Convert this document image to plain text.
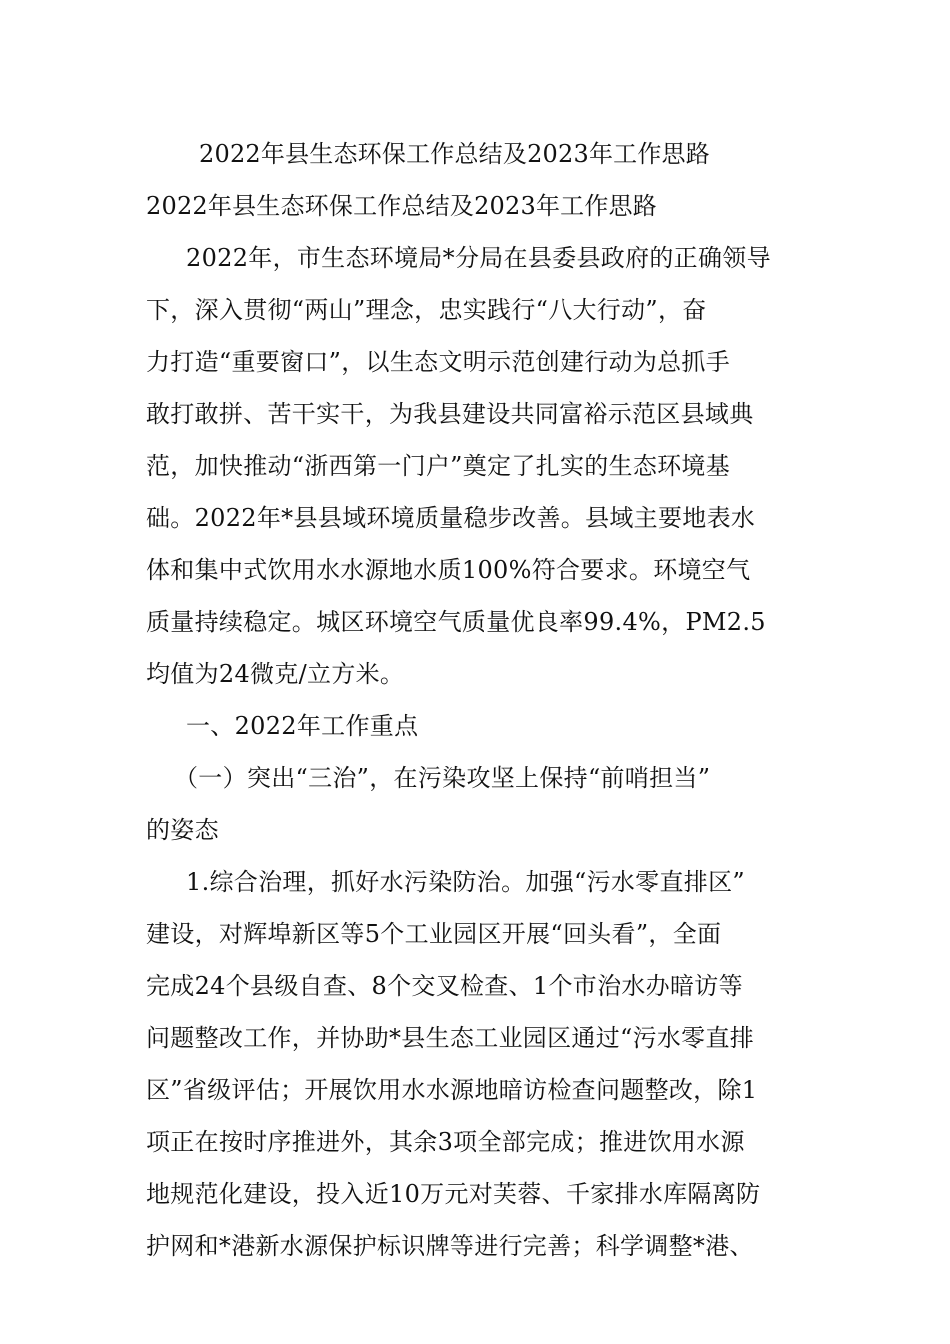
2022年县生态环保工作总结及2023年工作思路
2022年县生态环保工作总结及2023年工作思路
2022年，市生态环境局*分局在县委县政府的正确领导
下，深入贯彻“两山”理念，忠实践行“八大行动”，奋
力打造“重要窗口”，以生态文明示范创建行动为总抓手
敢打敢拼、苦干实干，为我县建设共同富裕示范区县域典
范，加快推动“浙西第一门户”奠定了扎实的生态环境基
础。2022年*县县域环境质量稳步改善。县域主要地表水
体和集中式饮用水水源地水质100%符合要求。环境空气
质量持续稳定。城区环境空气质量优良率99.4%，PM2.5
均值为24微克/立方米。
一、2022年工作重点
（一）突出“三治”，在污染攻坚上保持“前哨担当”
的姿态
1.综合治理，抓好水污染防治。加强“污水零直排区”
建设，对辉埠新区等5个工业园区开展“回头看”，全面
完成24个县级自查、8个交叉检查、1个市治水办暗访等
问题整改工作，并协助*县生态工业园区通过“污水零直排
区”省级评估；开展饮用水水源地暗访检查问题整改，除1
项正在按时序推进外，其余3项全部完成；推进饮用水源
地规范化建设，投入近10万元对芙蓉、千家排水库隔离防
护网和*港新水源保护标识牌等进行完善；科学调整*港、
